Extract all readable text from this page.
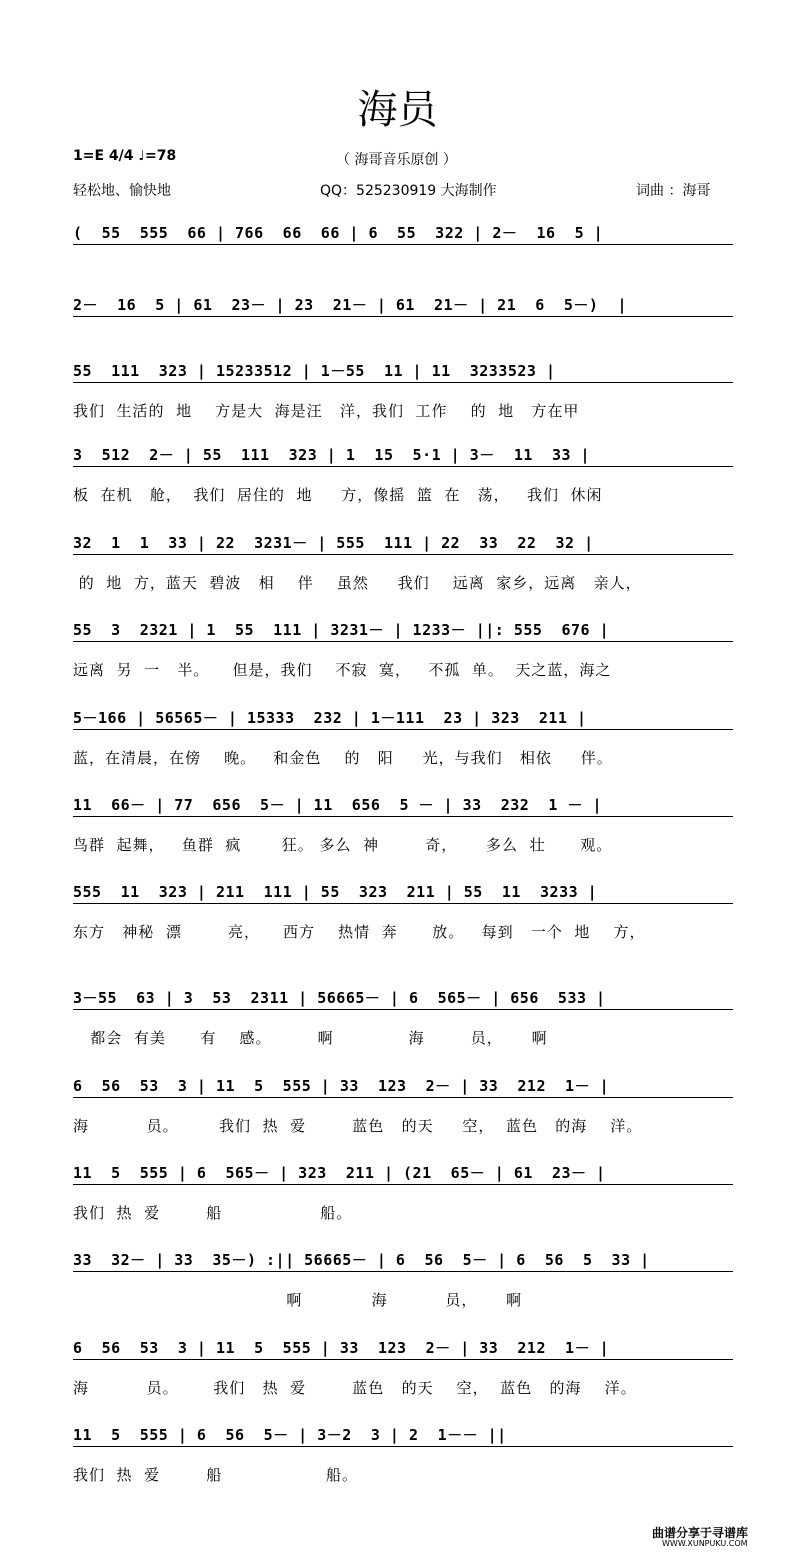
海员
1=E 4/4 ♩=78	（ 海哥音乐原创 ）
轻松地、愉快地	QQ：525230919 大海制作	词曲 ：海哥
(  55  555  66 | 766  66  66 | 6  55  322 | 2－  16  5 |
2－  16  5 | 61  23－ | 23  21－ | 61  21－ | 21  6  5－)  |
55  111  323 | 15233512 | 1－55  11 | 11  3233523 |
我们  生活的  地    方是大  海是汪   洋，我们  工作    的  地   方在甲
3  512  2－ | 55  111  323 | 1  15  5·1 | 3－  11  33 |
板  在机   舱，  我们  居住的  地     方，像摇  篮  在   荡，   我们  休闲
32  1  1  33 | 22  3231－ | 555  111 | 22  33  22  32 |
的  地  方，蓝天  碧波   相    伴    虽然     我们    远离  家乡，远离   亲人，
55  3  2321 | 1  55  111 | 3231－ | 1233－ ||: 555  676 |
远离  另  一   半。    但是，我们    不寂  寞，   不孤  单。  天之蓝，海之
5－166 | 56565－ | 15333  232 | 1－111  23 | 323  211 |
蓝，在清晨，在傍    晚。   和金色    的   阳     光，与我们   相依     伴。
11  66－ | 77  656  5－ | 11  656  5 － | 33  232  1 － |
鸟群  起舞，   鱼群  疯       狂。 多么  神        奇，     多么  壮      观。
555  11  323 | 211  111 | 55  323  211 | 55  11  3233 |
东方   神秘  漂        亮，    西方    热情  奔      放。   每到   一个  地    方，
3－55  63 | 3  53  2311 | 56665－ | 6  565－ | 656  533 |
都会  有美      有    感。        啊             海        员，     啊
6  56  53  3 | 11  5  555 | 33  123  2－ | 33  212  1－ |
海          员。       我们  热  爱        蓝色   的天     空，  蓝色   的海    洋。
11  5  555 | 6  565－ | 323  211 | (21  65－ | 61  23－ |
我们  热  爱        船                 船。
33  32－ | 33  35－) :|| 56665－ | 6  56  5－ | 6  56  5  33 |
啊            海          员，     啊
6  56  53  3 | 11  5  555 | 33  123  2－ | 33  212  1－ |
海          员。      我们   热  爱        蓝色   的天    空，  蓝色   的海    洋。
11  5  555 | 6  56  5－ | 3－2  3 | 2  1－－ ||
我们  热  爱        船                  船。
曲谱分享于寻谱库
WWW.XUNPUKU.COM
